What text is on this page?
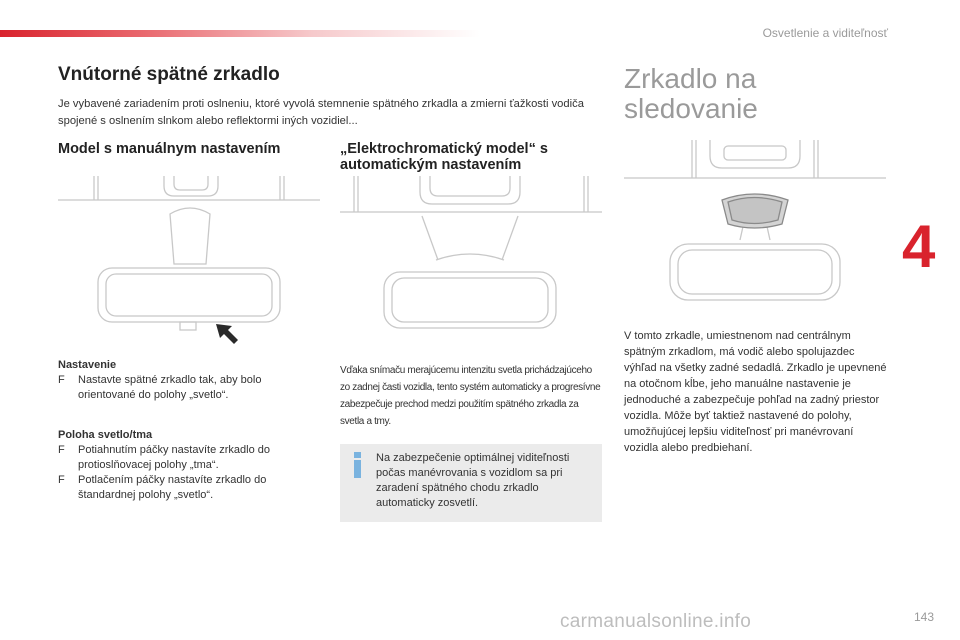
Osvetlenie a viditeľnosť
4
Vnútorné spätné zrkadlo
Je vybavené zariadením proti oslneniu, ktoré vyvolá stemnenie spätného zrkadla a zmierni ťažkosti vodiča spojené s oslnením slnkom alebo reflektormi iných vozidiel...
Model s manuálnym nastavením	„Elektrochromatický model“ s automatickým nastavením
Zrkadlo na
sledovanie
Nastavenie
F Nastavte spätné zrkadlo tak, aby bolo orientované do polohy „svetlo“.
Poloha svetlo/tma
F Potiahnutím páčky nastavíte zrkadlo do protioslňovacej polohy „tma“.
F Potlačením páčky nastavíte zrkadlo do štandardnej polohy „svetlo“.
Vďaka snímaču merajúcemu intenzitu svetla prichádzajúceho zo zadnej časti vozidla, tento systém automaticky a progresívne zabezpečuje prechod medzi použitím spätného zrkadla za svetla a tmy.
Na zabezpečenie optimálnej viditeľnosti počas manévrovania s vozidlom sa pri zaradení spätného chodu zrkadlo automaticky zosvetlí.
V tomto zrkadle, umiestnenom nad centrálnym spätným zrkadlom, má vodič alebo spolujazdec výhľad na všetky zadné sedadlá. Zrkadlo je upevnené na otočnom kĺbe, jeho manuálne nastavenie je jednoduché a zabezpečuje pohľad na zadný priestor vozidla. Môže byť taktiež nastavené do polohy, umožňujúcej lepšiu viditeľnosť pri manévrovaní vozidla alebo predbiehaní.
carmanualsonline.info	143
